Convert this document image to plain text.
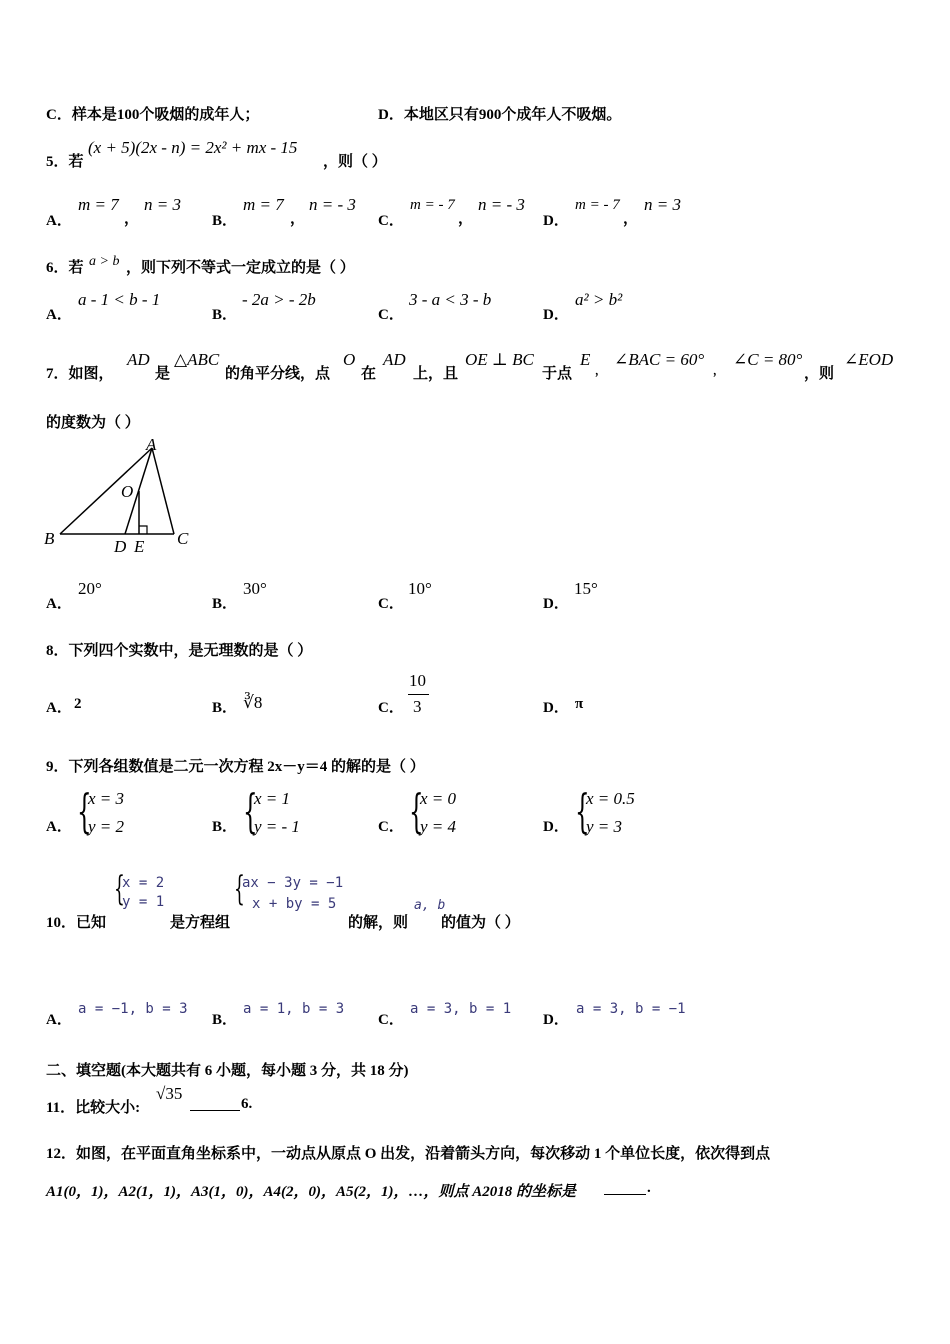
C．样本是100个吸烟的成年人；	D．本地区只有900个成年人不吸烟。
5．若
(x + 5)(2x - n) = 2x² + mx - 15
，则（ ）
A．
m = 7
，
n = 3
B．
m = 7
，
n = - 3
C．
m = - 7
，
n = - 3
D．
m = - 7
，
n = 3
6．若 a > b ，则下列不等式一定成立的是（ ）
A．
a - 1 < b - 1
B．
- 2a > - 2b
C．
3 - a < 3 - b
D．
a² > b²
7．如图，
AD
是
△ABC
的角平分线，点
O
在
AD
上，且
OE ⊥ BC
于点
E
，
∠BAC = 60°
，
∠C = 80°
，则
∠EOD
的度数为（ ）
A
O
B	D E C
A．
20°
B．
30°
C．
10°
D．
15°
8．下列四个实数中，是无理数的是（ ）
A． 2	B． ∛8	C．
10
3	D． π
9．下列各组数值是二元一次方程 2x－y＝4 的解的是（ ）
A． {
x = 3
y = 2	B． {
x = 1
y = - 1	C． {
x = 0
y = 4	D． {
x = 0.5
y = 3
10．已知
{
x = 2
y = 1
是方程组
{
ax − 3y = −1
x + by = 5
的解，则
a, b
的值为（ ）
A．
a = −1, b = 3
B．
a = 1, b = 3
C．
a = 3, b = 1
D．
a = 3, b = −1
二、填空题(本大题共有 6 小题，每小题 3 分，共 18 分)
11．比较大小:
√35
6.
12．如图，在平面直角坐标系中，一动点从原点 O 出发，沿着箭头方向，每次移动 1 个单位长度，依次得到点
A1(0，1)，A2(1，1)，A3(1，0)，A4(2，0)，A5(2，1)，…，则点 A2018 的坐标是	.
